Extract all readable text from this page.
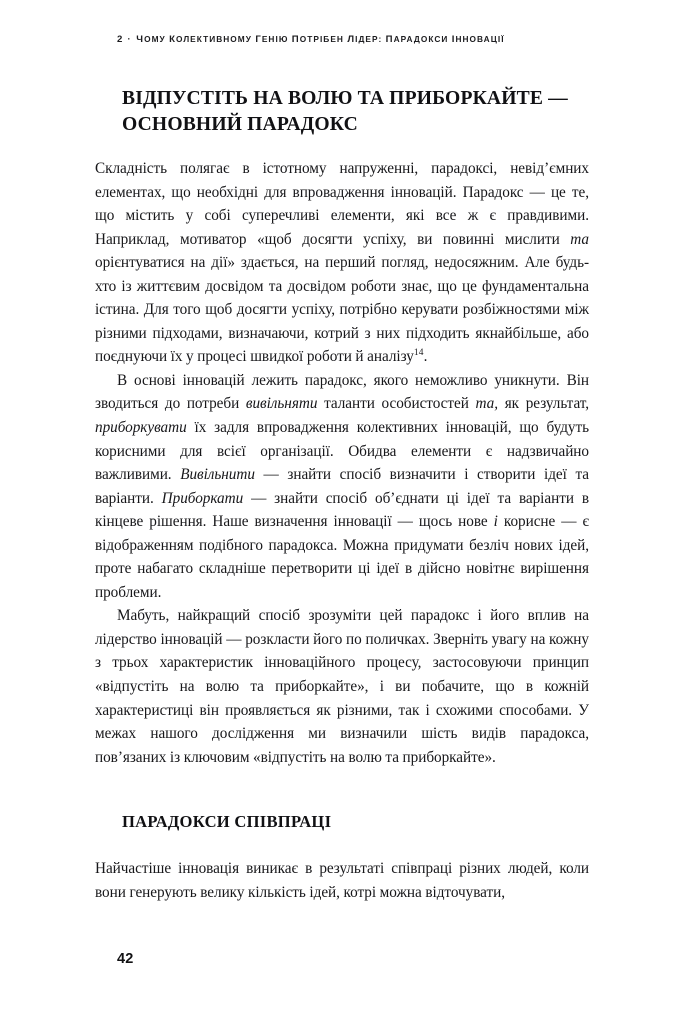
2 · ЧОМУ КОЛЕКТИВНОМУ ГЕНІЮ ПОТРІБЕН ЛІДЕР: ПАРАДОКСИ ІННОВАЦІЇ
ВІДПУСТІТЬ НА ВОЛЮ ТА ПРИБОРКАЙТЕ — ОСНОВНИЙ ПАРАДОКС

Складність полягає в істотному напруженні, парадоксі, невід’ємних елементах, що необхідні для впровадження інновацій. Парадокс — це те, що містить у собі суперечливі елементи, які все ж є правдивими. Наприклад, мотиватор «щоб досягти успіху, ви повинні мислити та орієнтуватися на дії» здається, на перший погляд, недосяжним. Але будь-хто із життєвим досвідом та досвідом роботи знає, що це фундаментальна істина. Для того щоб досягти успіху, потрібно керувати розбіжностями між різними підходами, визначаючи, котрий з них підходить якнайбільше, або поєднуючи їх у процесі швидкої роботи й аналізу$^{14}$.

В основі інновацій лежить парадокс, якого неможливо уникнути. Він зводиться до потреби вивільняти таланти особистостей та, як результат, приборкувати їх задля впровадження колективних інновацій, що будуть корисними для всієї організації. Обидва елементи є надзвичайно важливими. Вивільнити — знайти спосіб визначити і створити ідеї та варіанти. Приборкати — знайти спосіб об’єднати ці ідеї та варіанти в кінцеве рішення. Наше визначення інновації — щось нове і корисне — є відображенням подібного парадокса. Можна придумати безліч нових ідей, проте набагато складніше перетворити ці ідеї в дійсно новітнє вирішення проблеми.

Мабуть, найкращий спосіб зрозуміти цей парадокс і його вплив на лідерство інновацій — розкласти його по поличках. Зверніть увагу на кожну з трьох характеристик інноваційного процесу, застосовуючи принцип «відпустіть на волю та приборкайте», і ви побачите, що в кожній характеристиці він проявляється як різними, так і схожими способами. У межах нашого дослідження ми визначили шість видів парадокса, пов’язаних із ключовим «відпустіть на волю та приборкайте».

ПАРАДОКСИ СПІВПРАЦІ

Найчастіше інновація виникає в результаті співпраці різних людей, коли вони генерують велику кількість ідей, котрі можна відточувати,

42
